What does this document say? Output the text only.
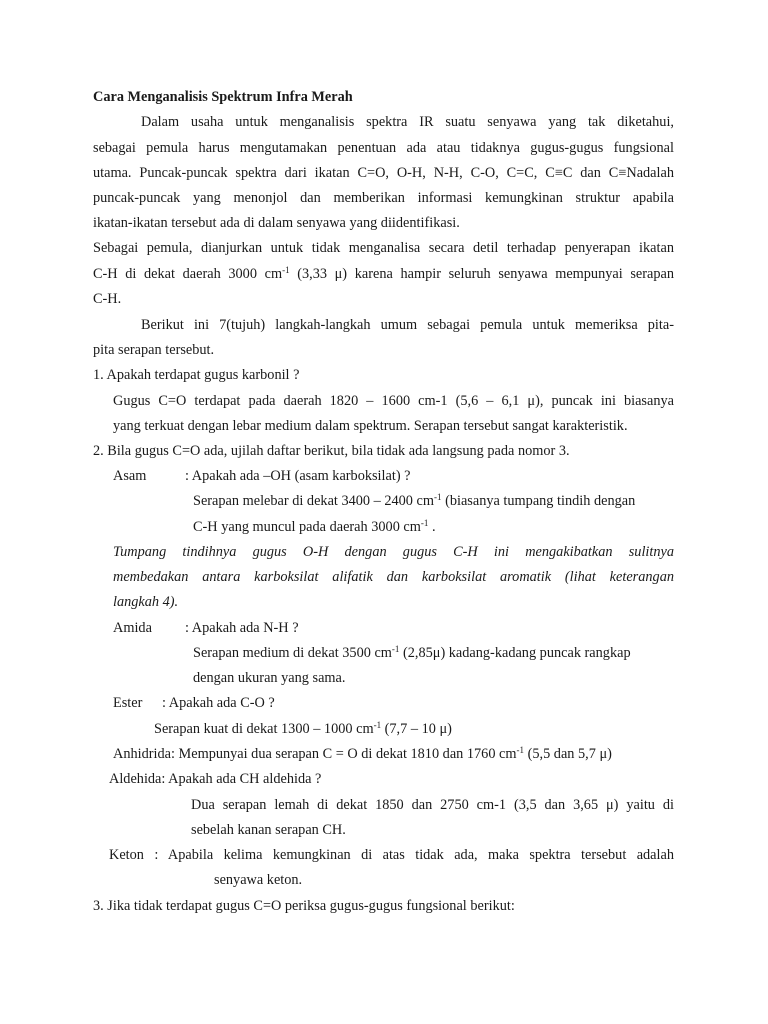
Cara Menganalisis Spektrum Infra Merah
Dalam usaha untuk menganalisis spektra IR suatu senyawa yang tak diketahui,
sebagai pemula harus mengutamakan penentuan ada atau tidaknya gugus-gugus fungsional
utama. Puncak-puncak spektra dari ikatan C=O, O-H, N-H, C-O, C=C, C≡C dan C≡Nadalah
puncak-puncak yang menonjol dan memberikan informasi kemungkinan struktur apabila
ikatan-ikatan tersebut ada di dalam senyawa yang diidentifikasi.
Sebagai pemula, dianjurkan untuk tidak menganalisa secara detil terhadap penyerapan ikatan
C-H di dekat daerah 3000 $cm^{-1}$ (3,33 μ) karena hampir seluruh senyawa mempunyai serapan
C-H.
Berikut ini 7(tujuh) langkah-langkah umum sebagai pemula untuk memeriksa pita-
pita serapan tersebut.
1. Apakah terdapat gugus karbonil ?
Gugus C=O terdapat pada daerah 1820 – 1600 cm-1 (5,6 – 6,1 μ), puncak ini biasanya
yang terkuat dengan lebar medium dalam spektrum. Serapan tersebut sangat karakteristik.
2. Bila gugus C=O ada, ujilah daftar berikut, bila tidak ada langsung pada nomor 3.
Asam	: Apakah ada –OH (asam karboksilat) ?
Serapan melebar di dekat 3400 – 2400 $cm^{-1}$ (biasanya tumpang tindih dengan
C-H yang muncul pada daerah 3000 $cm^{-1}$ .
Tumpang tindihnya gugus O-H dengan gugus C-H ini mengakibatkan sulitnya
membedakan antara karboksilat alifatik dan karboksilat aromatik (lihat keterangan
langkah 4).
Amida : Apakah ada N-H ?
Serapan medium di dekat 3500 $cm^{-1}$ (2,85μ) kadang-kadang puncak rangkap
dengan ukuran yang sama.
Ester : Apakah ada C-O ?
Serapan kuat di dekat 1300 – 1000 $cm^{-1}$ (7,7 – 10 μ)
Anhidrida: Mempunyai dua serapan C = O di dekat 1810 dan 1760 $cm^{-1}$ (5,5 dan 5,7 μ)
Aldehida: Apakah ada CH aldehida ?
Dua serapan lemah di dekat 1850 dan 2750 cm-1 (3,5 dan 3,65 μ) yaitu di
sebelah kanan serapan CH.
Keton : Apabila kelima kemungkinan di atas tidak ada, maka spektra tersebut adalah
senyawa keton.
3. Jika tidak terdapat gugus C=O periksa gugus-gugus fungsional berikut:
